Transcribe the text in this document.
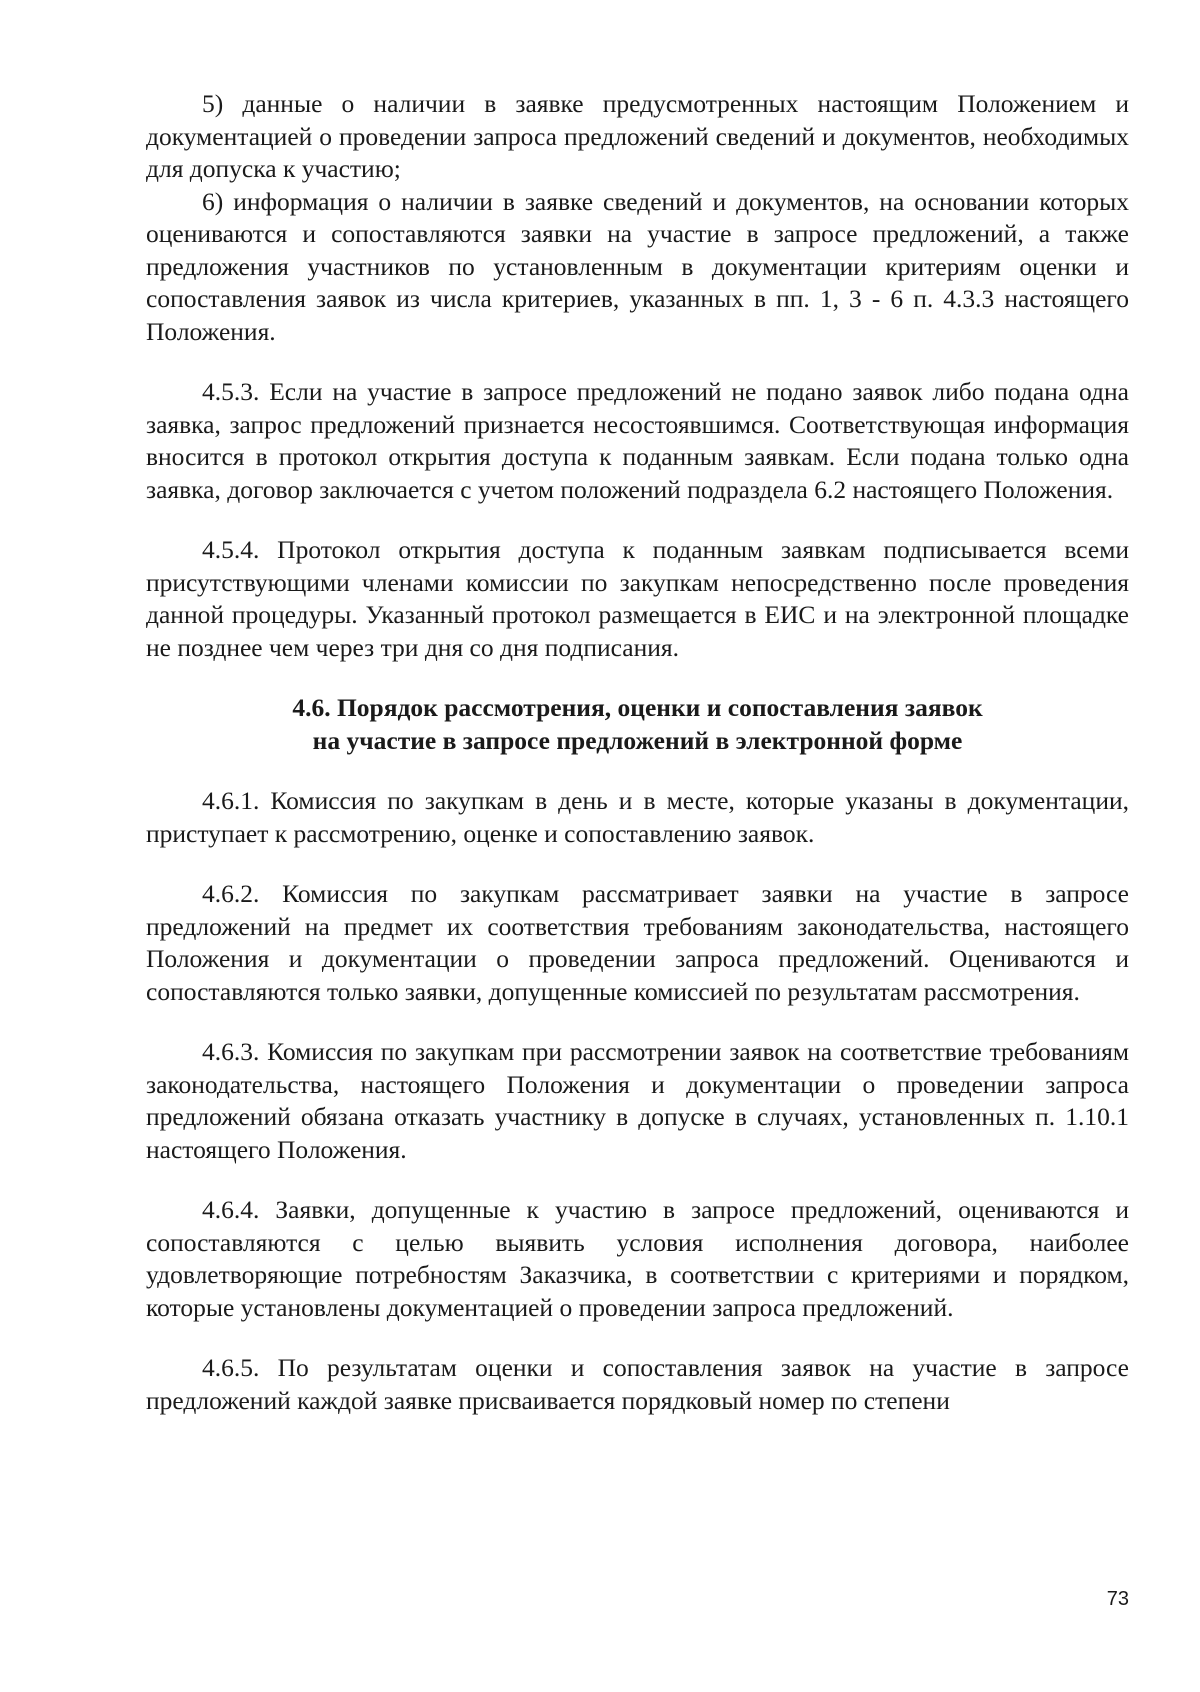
5) данные о наличии в заявке предусмотренных настоящим Положением и документацией о проведении запроса предложений сведений и документов, необходимых для допуска к участию;

6) информация о наличии в заявке сведений и документов, на основании которых оцениваются и сопоставляются заявки на участие в запросе предложений, а также предложения участников по установленным в документации критериям оценки и сопоставления заявок из числа критериев, указанных в пп. 1, 3 - 6 п. 4.3.3 настоящего Положения.

4.5.3. Если на участие в запросе предложений не подано заявок либо подана одна заявка, запрос предложений признается несостоявшимся. Соответствующая информация вносится в протокол открытия доступа к поданным заявкам. Если подана только одна заявка, договор заключается с учетом положений подраздела 6.2 настоящего Положения.

4.5.4. Протокол открытия доступа к поданным заявкам подписывается всеми присутствующими членами комиссии по закупкам непосредственно после проведения данной процедуры. Указанный протокол размещается в ЕИС и на электронной площадке не позднее чем через три дня со дня подписания.

4.6. Порядок рассмотрения, оценки и сопоставления заявок
на участие в запросе предложений в электронной форме

4.6.1. Комиссия по закупкам в день и в месте, которые указаны в документации, приступает к рассмотрению, оценке и сопоставлению заявок.

4.6.2. Комиссия по закупкам рассматривает заявки на участие в запросе предложений на предмет их соответствия требованиям законодательства, настоящего Положения и документации о проведении запроса предложений. Оцениваются и сопоставляются только заявки, допущенные комиссией по результатам рассмотрения.

4.6.3. Комиссия по закупкам при рассмотрении заявок на соответствие требованиям законодательства, настоящего Положения и документации о проведении запроса предложений обязана отказать участнику в допуске в случаях, установленных п. 1.10.1 настоящего Положения.

4.6.4. Заявки, допущенные к участию в запросе предложений, оцениваются и сопоставляются с целью выявить условия исполнения договора, наиболее удовлетворяющие потребностям Заказчика, в соответствии с критериями и порядком, которые установлены документацией о проведении запроса предложений.

4.6.5. По результатам оценки и сопоставления заявок на участие в запросе предложений каждой заявке присваивается порядковый номер по степени

73
